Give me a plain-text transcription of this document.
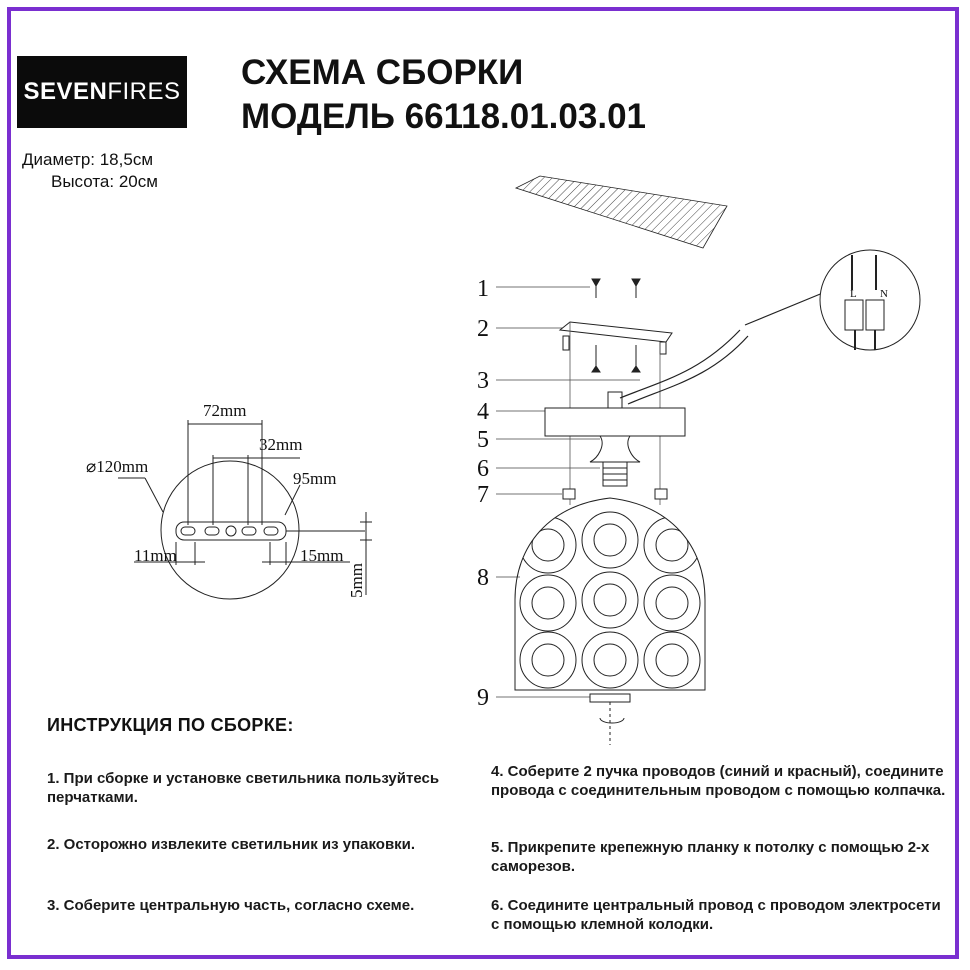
SEVEN FIRES СХЕМА СБОРКИ
МОДЕЛЬ 66118.01.03.01
Диаметр: 18,5см
Высота: 20см
⌀120mm
72mm
32mm
95mm
11mm	15mm
5mm
1
2
3
4
5
6
7
8
9
L N
ИНСТРУКЦИЯ ПО СБОРКЕ:
1. При сборке и установке светильника пользуйтесь перчатками.
2. Осторожно извлеките светильник из упаковки.
3. Соберите центральную часть, согласно схеме.
4. Соберите 2 пучка проводов (синий и красный), соедините провода с соединительным проводом с помощью колпачка.
5. Прикрепите крепежную планку к потолку с помощью 2-х саморезов.
6. Соедините центральный провод с проводом электросети с помощью клемной колодки.
